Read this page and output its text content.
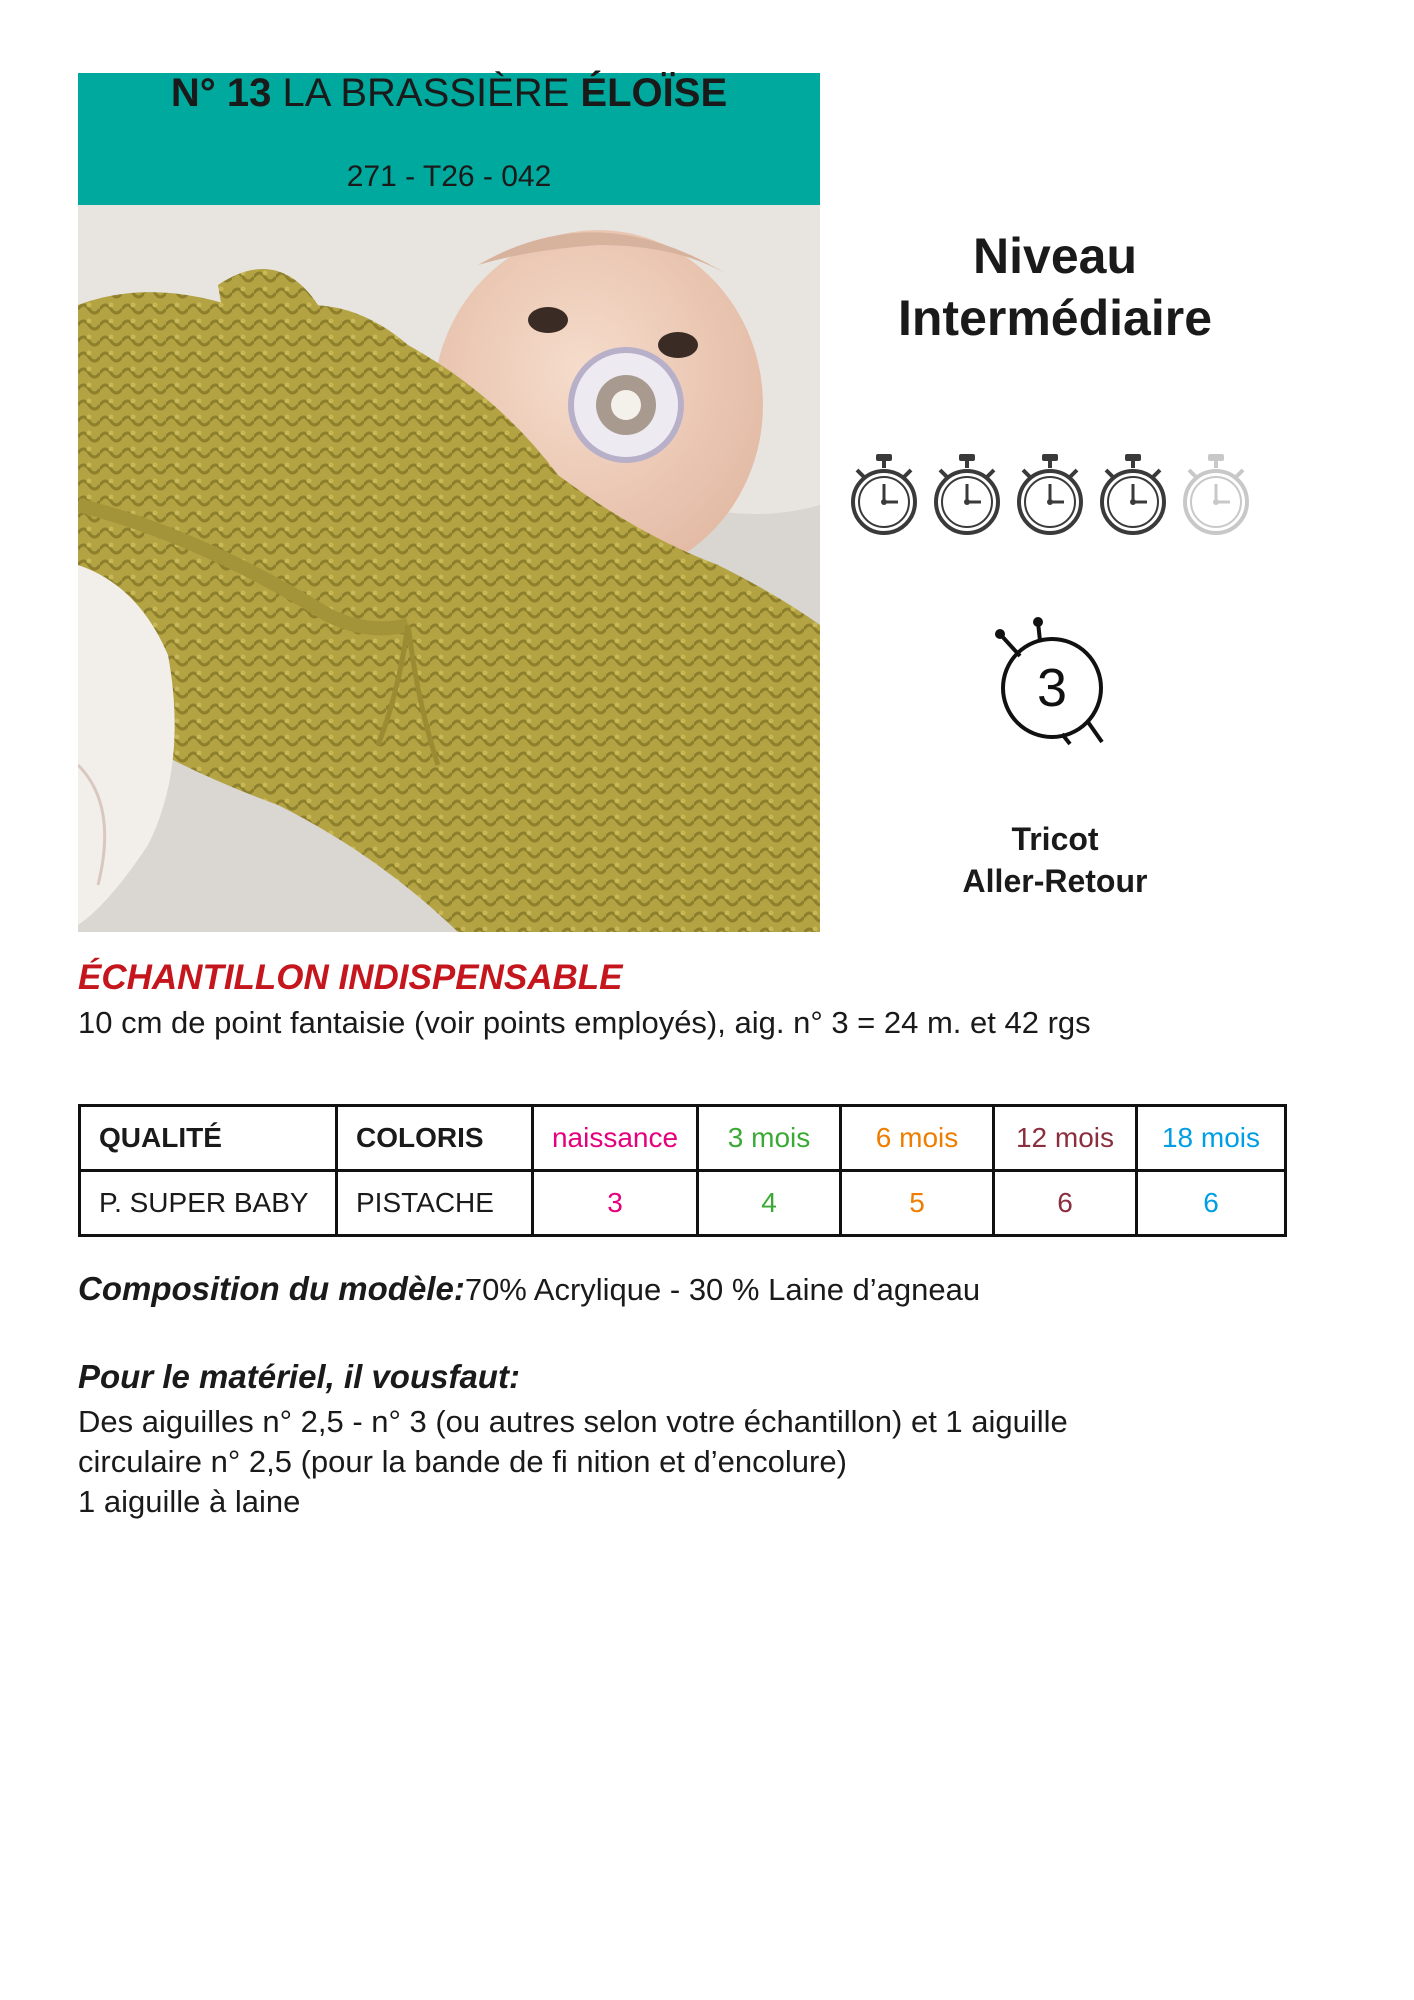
N° 13 LA BRASSIÈRE ÉLOÏSE
271 - T26 - 042
Niveau
Intermédiaire
3
Tricot
Aller-Retour
ÉCHANTILLON INDISPENSABLE
10 cm de point fantaisie (voir points employés), aig. n° 3 = 24 m. et 42 rgs
QUALITÉ	COLORIS	naissance	3 mois	6 mois	12 mois	18 mois
P. SUPER BABY	PISTACHE	3	4	5	6	6
Composition du modèle:70% Acrylique - 30 % Laine d’agneau
Pour le matériel, il vousfaut:
Des aiguilles n° 2,5 - n° 3 (ou autres selon votre échantillon) et 1 aiguille
circulaire n° 2,5 (pour la bande de fi nition et d’encolure)
1 aiguille à laine
